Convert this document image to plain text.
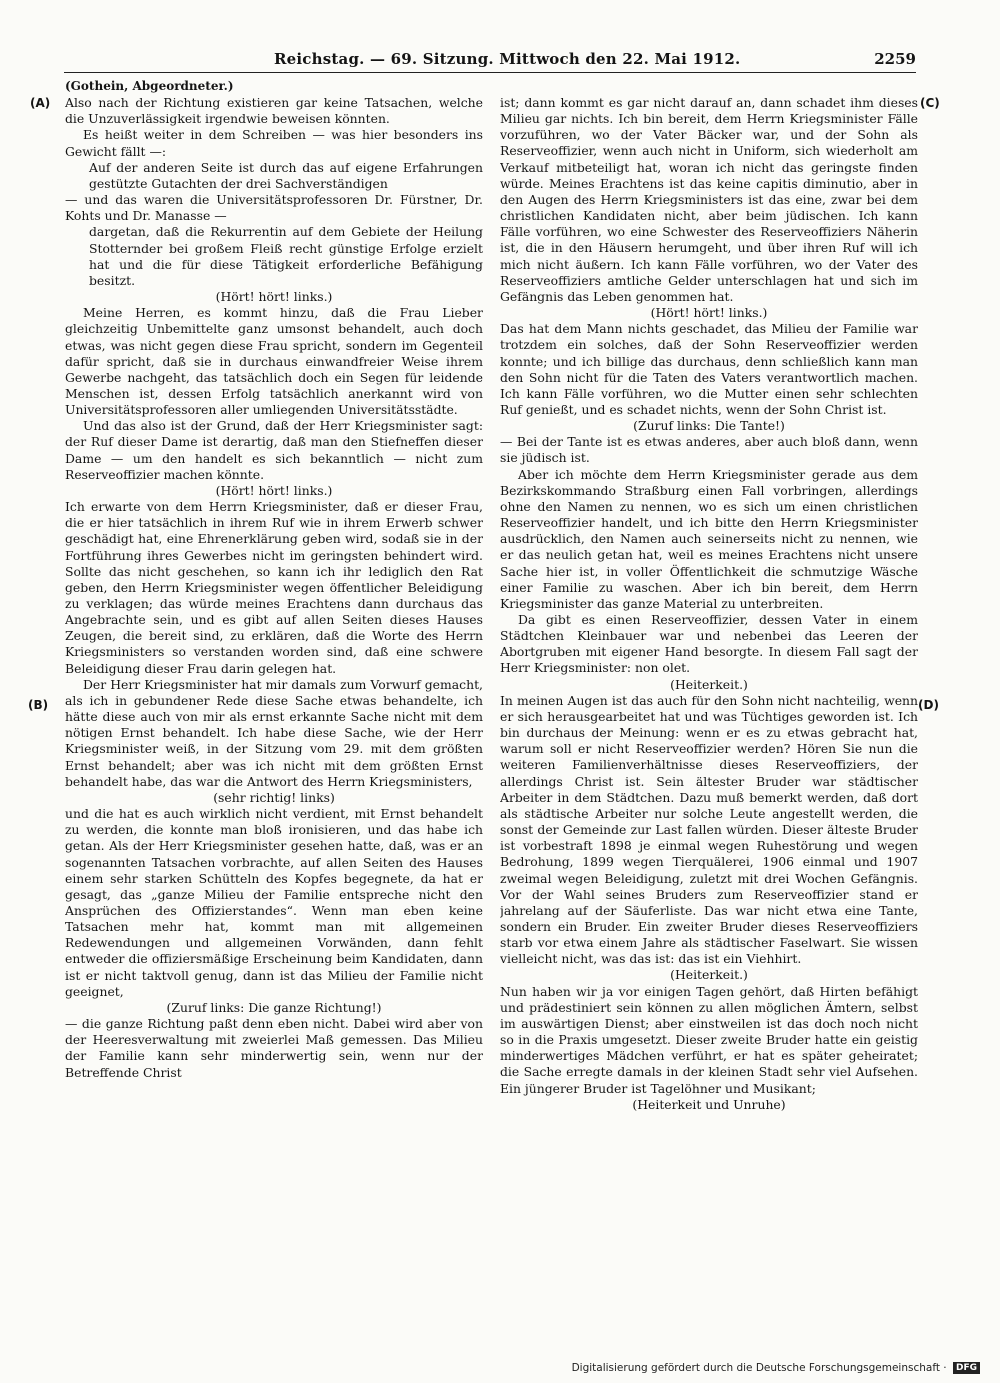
Reichstag. — 69. Sitzung. Mittwoch den 22. Mai 1912.	2259
(A)
(B)
(C)
(D)

(Gothein, Abgeordneter.)

Also nach der Richtung existieren gar keine Tatsachen, welche die Unzuverlässigkeit irgendwie beweisen könnten.

Es heißt weiter in dem Schreiben — was hier besonders ins Gewicht fällt —:

Auf der anderen Seite ist durch das auf eigene Erfahrungen gestützte Gutachten der drei Sachverständigen

— und das waren die Universitätsprofessoren Dr. Fürstner, Dr. Kohts und Dr. Manasse —

dargetan, daß die Rekurrentin auf dem Gebiete der Heilung Stotternder bei großem Fleiß recht günstige Erfolge erzielt hat und die für diese Tätigkeit erforderliche Befähigung besitzt.

(Hört! hört! links.)

Meine Herren, es kommt hinzu, daß die Frau Lieber gleichzeitig Unbemittelte ganz umsonst behandelt, auch doch etwas, was nicht gegen diese Frau spricht, sondern im Gegenteil dafür spricht, daß sie in durchaus einwandfreier Weise ihrem Gewerbe nachgeht, das tatsächlich doch ein Segen für leidende Menschen ist, dessen Erfolg tatsächlich anerkannt wird von Universitätsprofessoren aller umliegenden Universitätsstädte.

Und das also ist der Grund, daß der Herr Kriegsminister sagt: der Ruf dieser Dame ist derartig, daß man den Stiefneffen dieser Dame — um den handelt es sich bekanntlich — nicht zum Reserveoffizier machen könnte.

(Hört! hört! links.)

Ich erwarte von dem Herrn Kriegsminister, daß er dieser Frau, die er hier tatsächlich in ihrem Ruf wie in ihrem Erwerb schwer geschädigt hat, eine Ehrenerklärung geben wird, sodaß sie in der Fortführung ihres Gewerbes nicht im geringsten behindert wird. Sollte das nicht geschehen, so kann ich ihr lediglich den Rat geben, den Herrn Kriegsminister wegen öffentlicher Beleidigung zu verklagen; das würde meines Erachtens dann durchaus das Angebrachte sein, und es gibt auf allen Seiten dieses Hauses Zeugen, die bereit sind, zu erklären, daß die Worte des Herrn Kriegsministers so verstanden worden sind, daß eine schwere Beleidigung dieser Frau darin gelegen hat.

Der Herr Kriegsminister hat mir damals zum Vorwurf gemacht, als ich in gebundener Rede diese Sache etwas behandelte, ich hätte diese auch von mir als ernst erkannte Sache nicht mit dem nötigen Ernst behandelt. Ich habe diese Sache, wie der Herr Kriegsminister weiß, in der Sitzung vom 29. mit dem größten Ernst behandelt; aber was ich nicht mit dem größten Ernst behandelt habe, das war die Antwort des Herrn Kriegsministers,

(sehr richtig! links)

und die hat es auch wirklich nicht verdient, mit Ernst behandelt zu werden, die konnte man bloß ironisieren, und das habe ich getan. Als der Herr Kriegsminister gesehen hatte, daß, was er an sogenannten Tatsachen vorbrachte, auf allen Seiten des Hauses einem sehr starken Schütteln des Kopfes begegnete, da hat er gesagt, das „ganze Milieu der Familie entspreche nicht den Ansprüchen des Offizierstandes“. Wenn man eben keine Tatsachen mehr hat, kommt man mit allgemeinen Redewendungen und allgemeinen Vorwänden, dann fehlt entweder die offiziersmäßige Erscheinung beim Kandidaten, dann ist er nicht taktvoll genug, dann ist das Milieu der Familie nicht geeignet,

(Zuruf links: Die ganze Richtung!)

— die ganze Richtung paßt denn eben nicht. Dabei wird aber von der Heeresverwaltung mit zweierlei Maß gemessen. Das Milieu der Familie kann sehr minderwertig sein, wenn nur der Betreffende Christ

ist; dann kommt es gar nicht darauf an, dann schadet ihm dieses Milieu gar nichts. Ich bin bereit, dem Herrn Kriegsminister Fälle vorzuführen, wo der Vater Bäcker war, und der Sohn als Reserveoffizier, wenn auch nicht in Uniform, sich wiederholt am Verkauf mitbeteiligt hat, woran ich nicht das geringste finden würde. Meines Erachtens ist das keine capitis diminutio, aber in den Augen des Herrn Kriegsministers ist das eine, zwar bei dem christlichen Kandidaten nicht, aber beim jüdischen. Ich kann Fälle vorführen, wo eine Schwester des Reserveoffiziers Näherin ist, die in den Häusern herumgeht, und über ihren Ruf will ich mich nicht äußern. Ich kann Fälle vorführen, wo der Vater des Reserveoffiziers amtliche Gelder unterschlagen hat und sich im Gefängnis das Leben genommen hat.

(Hört! hört! links.)

Das hat dem Mann nichts geschadet, das Milieu der Familie war trotzdem ein solches, daß der Sohn Reserveoffizier werden konnte; und ich billige das durchaus, denn schließlich kann man den Sohn nicht für die Taten des Vaters verantwortlich machen. Ich kann Fälle vorführen, wo die Mutter einen sehr schlechten Ruf genießt, und es schadet nichts, wenn der Sohn Christ ist.

(Zuruf links: Die Tante!)

— Bei der Tante ist es etwas anderes, aber auch bloß dann, wenn sie jüdisch ist.

Aber ich möchte dem Herrn Kriegsminister gerade aus dem Bezirkskommando Straßburg einen Fall vorbringen, allerdings ohne den Namen zu nennen, wo es sich um einen christlichen Reserveoffizier handelt, und ich bitte den Herrn Kriegsminister ausdrücklich, den Namen auch seinerseits nicht zu nennen, wie er das neulich getan hat, weil es meines Erachtens nicht unsere Sache hier ist, in voller Öffentlichkeit die schmutzige Wäsche einer Familie zu waschen. Aber ich bin bereit, dem Herrn Kriegsminister das ganze Material zu unterbreiten.

Da gibt es einen Reserveoffizier, dessen Vater in einem Städtchen Kleinbauer war und nebenbei das Leeren der Abortgruben mit eigener Hand besorgte. In diesem Fall sagt der Herr Kriegsminister: non olet.

(Heiterkeit.)

In meinen Augen ist das auch für den Sohn nicht nachteilig, wenn er sich herausgearbeitet hat und was Tüchtiges geworden ist. Ich bin durchaus der Meinung: wenn er es zu etwas gebracht hat, warum soll er nicht Reserveoffizier werden? Hören Sie nun die weiteren Familienverhältnisse dieses Reserveoffiziers, der allerdings Christ ist. Sein ältester Bruder war städtischer Arbeiter in dem Städtchen. Dazu muß bemerkt werden, daß dort als städtische Arbeiter nur solche Leute angestellt werden, die sonst der Gemeinde zur Last fallen würden. Dieser älteste Bruder ist vorbestraft 1898 je einmal wegen Ruhestörung und wegen Bedrohung, 1899 wegen Tierquälerei, 1906 einmal und 1907 zweimal wegen Beleidigung, zuletzt mit drei Wochen Gefängnis. Vor der Wahl seines Bruders zum Reserveoffizier stand er jahrelang auf der Säuferliste. Das war nicht etwa eine Tante, sondern ein Bruder. Ein zweiter Bruder dieses Reserveoffiziers starb vor etwa einem Jahre als städtischer Faselwart. Sie wissen vielleicht nicht, was das ist: das ist ein Viehhirt.

(Heiterkeit.)

Nun haben wir ja vor einigen Tagen gehört, daß Hirten befähigt und prädestiniert sein können zu allen möglichen Ämtern, selbst im auswärtigen Dienst; aber einstweilen ist das doch noch nicht so in die Praxis umgesetzt. Dieser zweite Bruder hatte ein geistig minderwertiges Mädchen verführt, er hat es später geheiratet; die Sache erregte damals in der kleinen Stadt sehr viel Aufsehen. Ein jüngerer Bruder ist Tagelöhner und Musikant;

(Heiterkeit und Unruhe)

Digitalisierung gefördert durch die Deutsche Forschungsgemeinschaft · DFG
